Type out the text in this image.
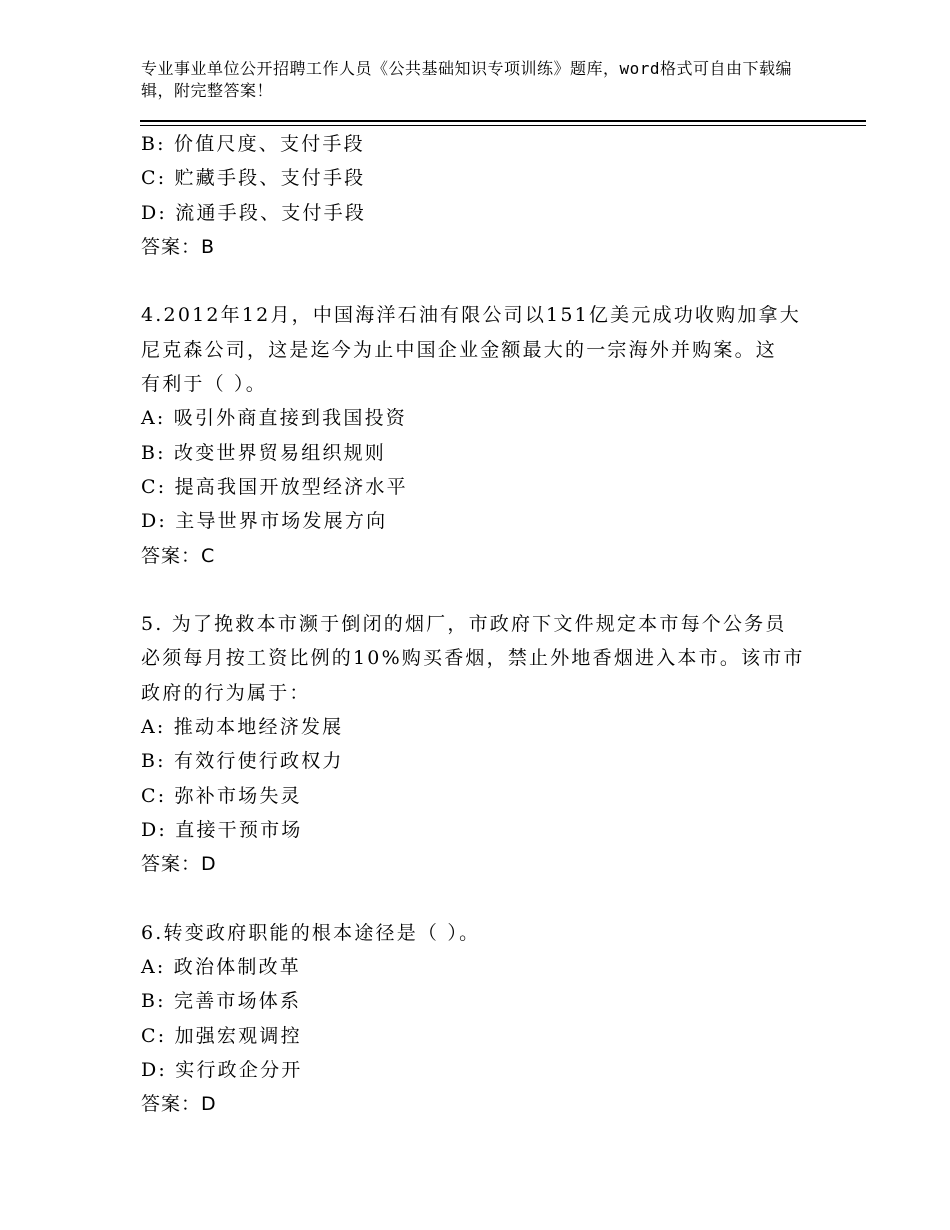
专业事业单位公开招聘工作人员《公共基础知识专项训练》题库，word格式可自由下载编辑，附完整答案！
B: 价值尺度、支付手段
C: 贮藏手段、支付手段
D: 流通手段、支付手段
答案：B
4.2012年12月，中国海洋石油有限公司以151亿美元成功收购加拿大
尼克森公司，这是迄今为止中国企业金额最大的一宗海外并购案。这
有利于（ ）。
A: 吸引外商直接到我国投资
B: 改变世界贸易组织规则
C: 提高我国开放型经济水平
D: 主导世界市场发展方向
答案：C
5. 为了挽救本市濒于倒闭的烟厂，市政府下文件规定本市每个公务员
必须每月按工资比例的10%购买香烟，禁止外地香烟进入本市。该市市
政府的行为属于：
A: 推动本地经济发展
B: 有效行使行政权力
C: 弥补市场失灵
D: 直接干预市场
答案：D
6.转变政府职能的根本途径是（ ）。
A: 政治体制改革
B: 完善市场体系
C: 加强宏观调控
D: 实行政企分开
答案：D
